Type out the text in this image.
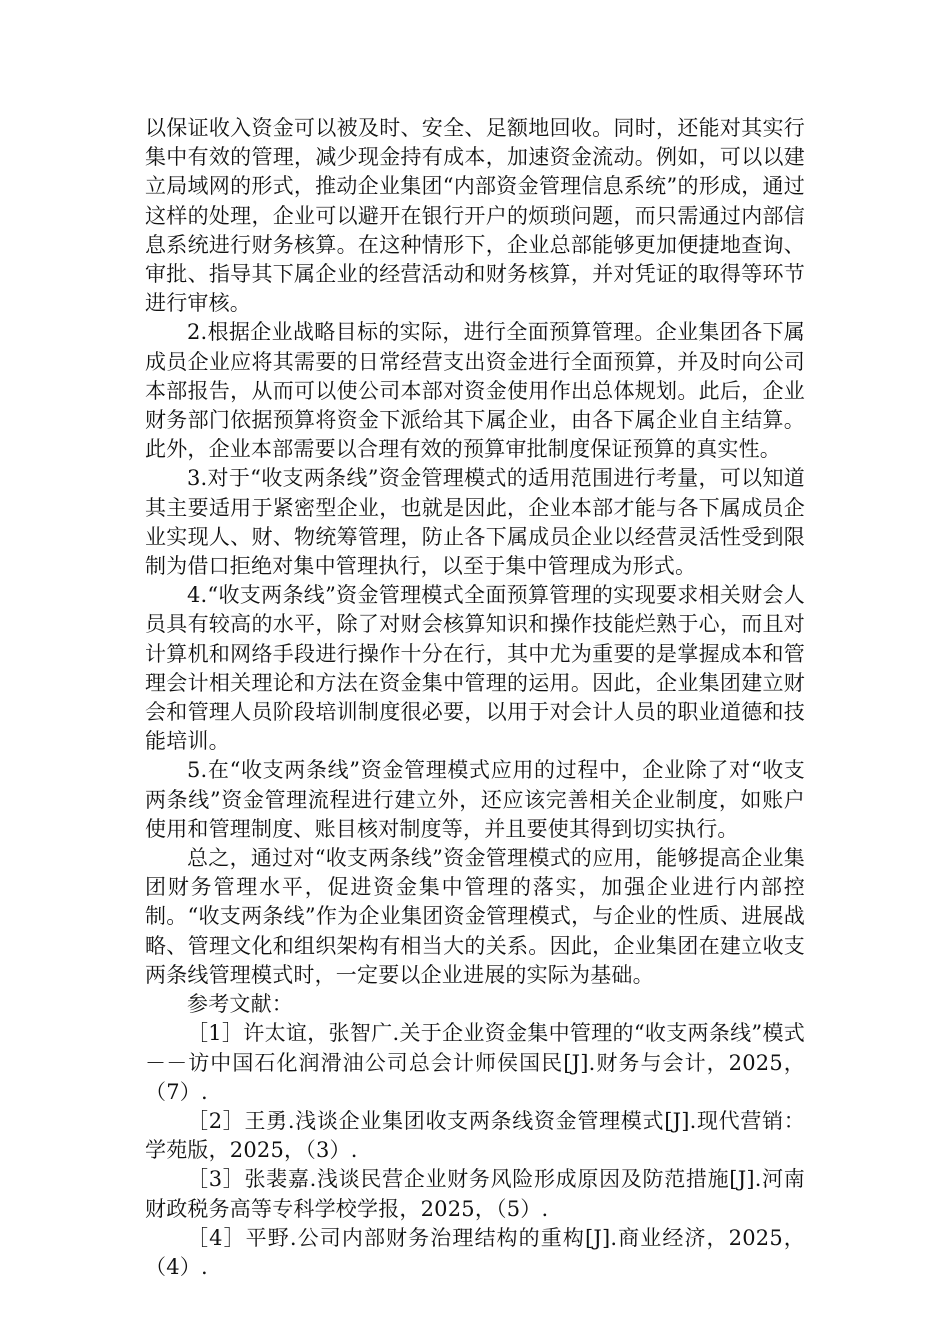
以保证收入资金可以被及时、安全、足额地回收。同时，还能对其实行集中有效的管理，减少现金持有成本，加速资金流动。例如，可以以建立局域网的形式，推动企业集团“内部资金管理信息系统”的形成，通过这样的处理，企业可以避开在银行开户的烦琐问题，而只需通过内部信息系统进行财务核算。在这种情形下，企业总部能够更加便捷地查询、审批、指导其下属企业的经营活动和财务核算，并对凭证的取得等环节进行审核。

2.根据企业战略目标的实际，进行全面预算管理。企业集团各下属成员企业应将其需要的日常经营支出资金进行全面预算，并及时向公司本部报告，从而可以使公司本部对资金使用作出总体规划。此后，企业财务部门依据预算将资金下派给其下属企业，由各下属企业自主结算。此外，企业本部需要以合理有效的预算审批制度保证预算的真实性。

3.对于“收支两条线”资金管理模式的适用范围进行考量，可以知道其主要适用于紧密型企业，也就是因此，企业本部才能与各下属成员企业实现人、财、物统筹管理，防止各下属成员企业以经营灵活性受到限制为借口拒绝对集中管理执行，以至于集中管理成为形式。

4.“收支两条线”资金管理模式全面预算管理的实现要求相关财会人员具有较高的水平，除了对财会核算知识和操作技能烂熟于心，而且对计算机和网络手段进行操作十分在行，其中尤为重要的是掌握成本和管理会计相关理论和方法在资金集中管理的运用。因此，企业集团建立财会和管理人员阶段培训制度很必要，以用于对会计人员的职业道德和技能培训。

5.在“收支两条线”资金管理模式应用的过程中，企业除了对“收支两条线”资金管理流程进行建立外，还应该完善相关企业制度，如账户使用和管理制度、账目核对制度等，并且要使其得到切实执行。

总之，通过对“收支两条线”资金管理模式的应用，能够提高企业集团财务管理水平，促进资金集中管理的落实，加强企业进行内部控制。“收支两条线”作为企业集团资金管理模式，与企业的性质、进展战略、管理文化和组织架构有相当大的关系。因此，企业集团在建立收支两条线管理模式时，一定要以企业进展的实际为基础。

参考文献：

［1］许太谊，张智广.关于企业资金集中管理的“收支两条线”模式－－访中国石化润滑油公司总会计师侯国民[J].财务与会计，2025，（7）.

［2］王勇.浅谈企业集团收支两条线资金管理模式[J].现代营销：学苑版，2025，（3）.

［3］张裴嘉.浅谈民营企业财务风险形成原因及防范措施[J].河南财政税务高等专科学校学报，2025，（5）.

［4］平野.公司内部财务治理结构的重构[J].商业经济，2025，（4）.
